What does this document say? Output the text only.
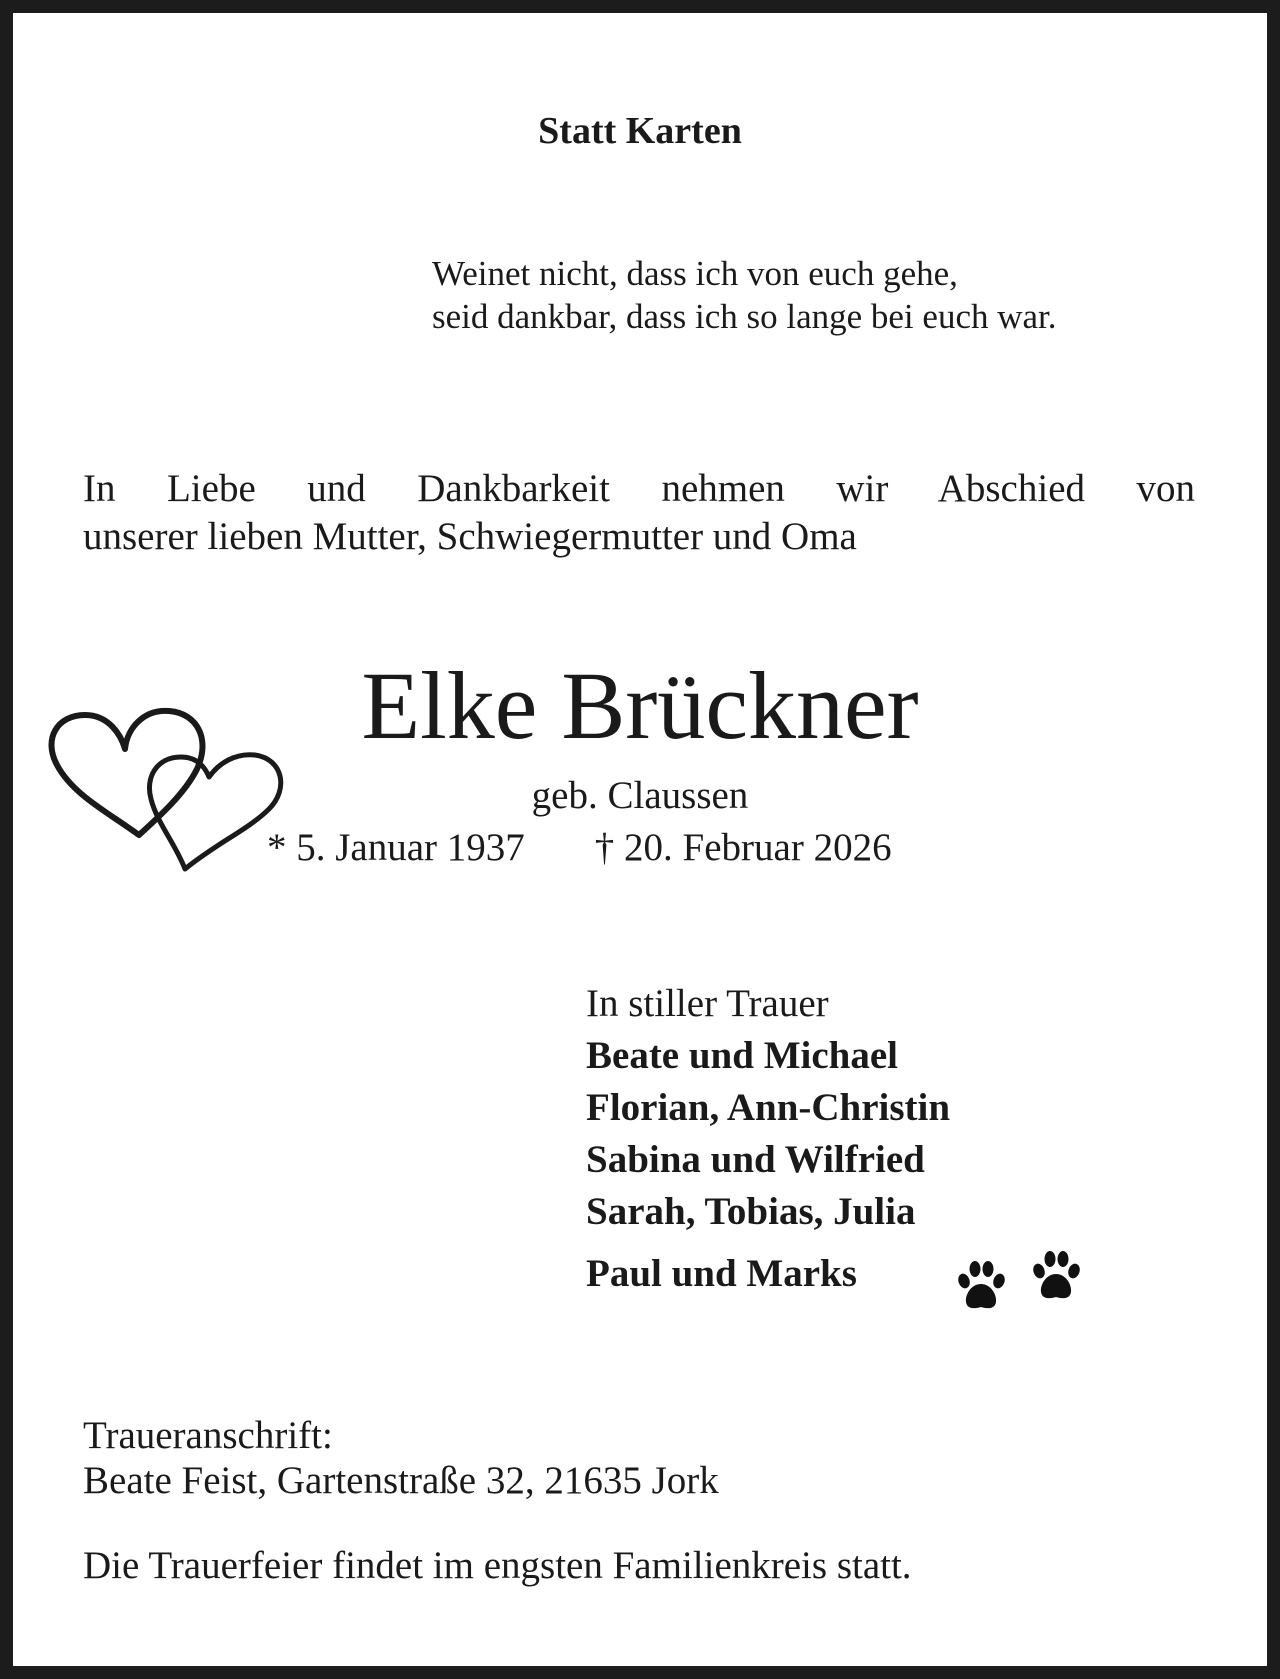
Statt Karten

Weinet nicht, dass ich von euch gehe,
seid dankbar, dass ich so lange bei euch war.
In Liebe und Dankbarkeit nehmen wir Abschied von
unserer lieben Mutter, Schwiegermutter und Oma

Elke Brückner

geb. Claussen

* 5. Januar 1937 † 20. Februar 2026

In stiller Trauer
Beate und Michael
Florian, Ann-Christin
Sabina und Wilfried
Sarah, Tobias, Julia
Paul und Marks

Traueranschrift:
Beate Feist, Gartenstraße 32, 21635 Jork

Die Trauerfeier findet im engsten Familienkreis statt.
